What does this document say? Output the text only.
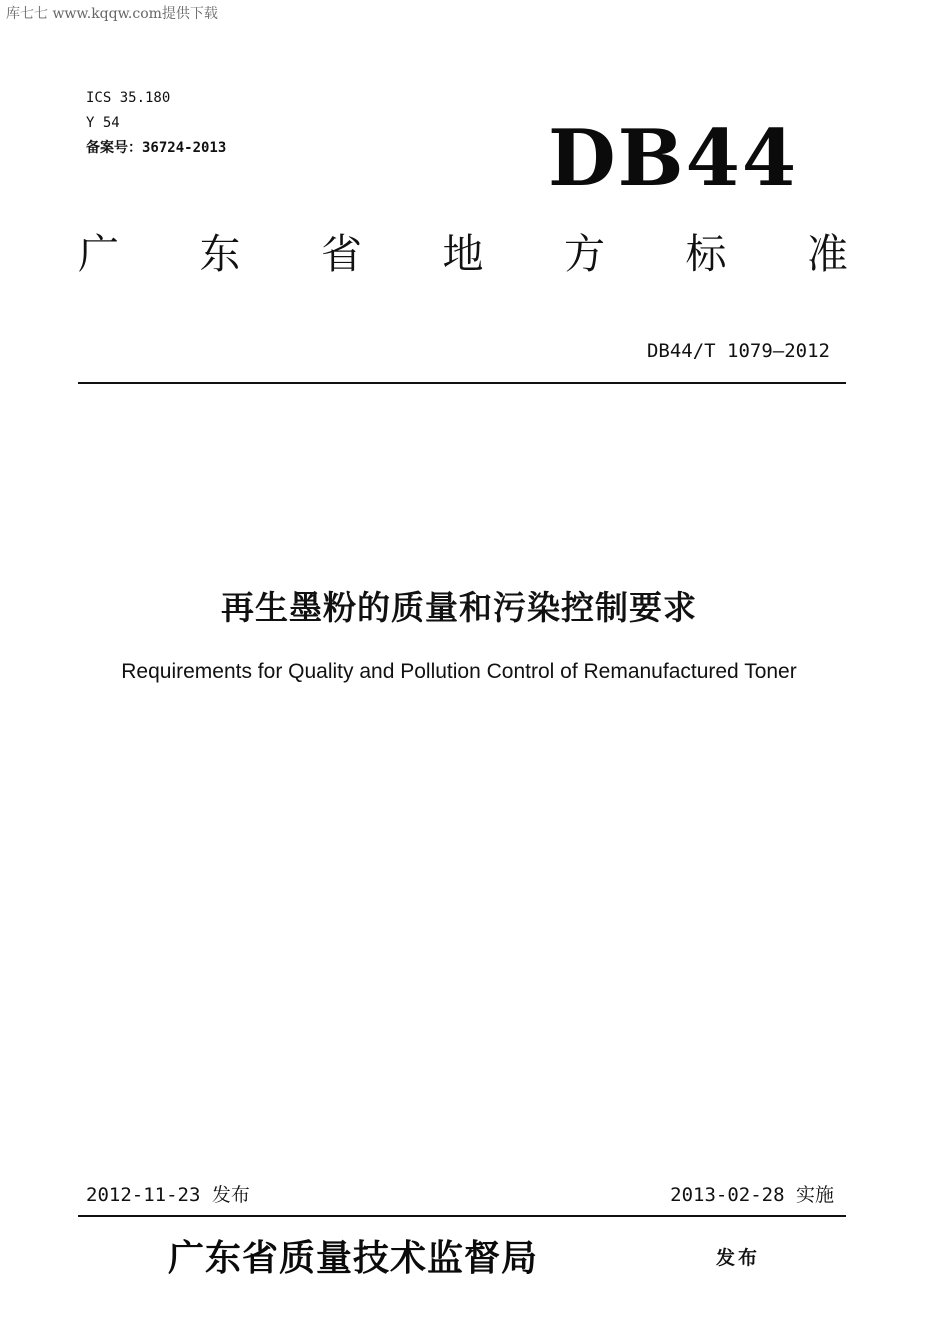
库七七 www.kqqw.com提供下载
ICS 35.180
Y 54
备案号：36724-2013	DB44
广 东 省 地 方 标 准
DB44/T 1079—2012
再生墨粉的质量和污染控制要求
Requirements for Quality and Pollution Control of Remanufactured Toner
2012-11-23 发布	2013-02-28 实施
广东省质量技术监督局	发布
